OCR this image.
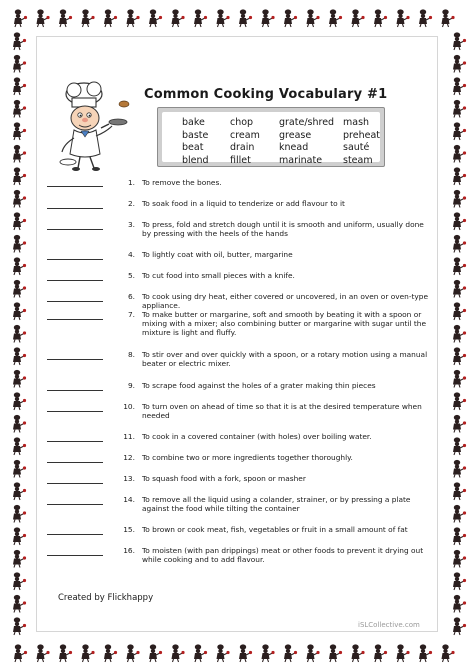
Common Cooking Vocabulary #1
bake
baste
beat
blend
chop
cream
drain
fillet
grate/shred
grease
knead
marinate
mash
preheat
sauté
steam
1. To remove the bones.
2. To soak food in a liquid to tenderize or add flavour to it
3. To press, fold and stretch dough until it is smooth and uniform, usually done by pressing with the heels of the hands
4. To lightly coat with oil, butter, margarine
5. To cut food into small pieces with a knife.
6. To cook using dry heat, either covered or uncovered, in an oven or oven-type appliance.
7. To make butter or margarine, soft and smooth by beating it with a spoon or mixing with a mixer; also combining butter or margarine with sugar until the mixture is light and fluffy.
8. To stir over and over quickly with a spoon, or a rotary motion using a manual beater or electric mixer.
9. To scrape food against the holes of a grater making thin pieces
10. To turn oven on ahead of time so that it is at the desired temperature when needed
11. To cook in a covered container (with holes) over boiling water.
12. To combine two or more ingredients together thoroughly.
13. To squash food with a fork, spoon or masher
14. To remove all the liquid using a colander, strainer, or by pressing a plate against the food while tilting the container
15. To brown or cook meat, fish, vegetables or fruit in a small amount of fat
16. To moisten (with pan drippings) meat or other foods to prevent it drying out while cooking and to add flavour.
Created by Flickhappy
iSLCollective.com
